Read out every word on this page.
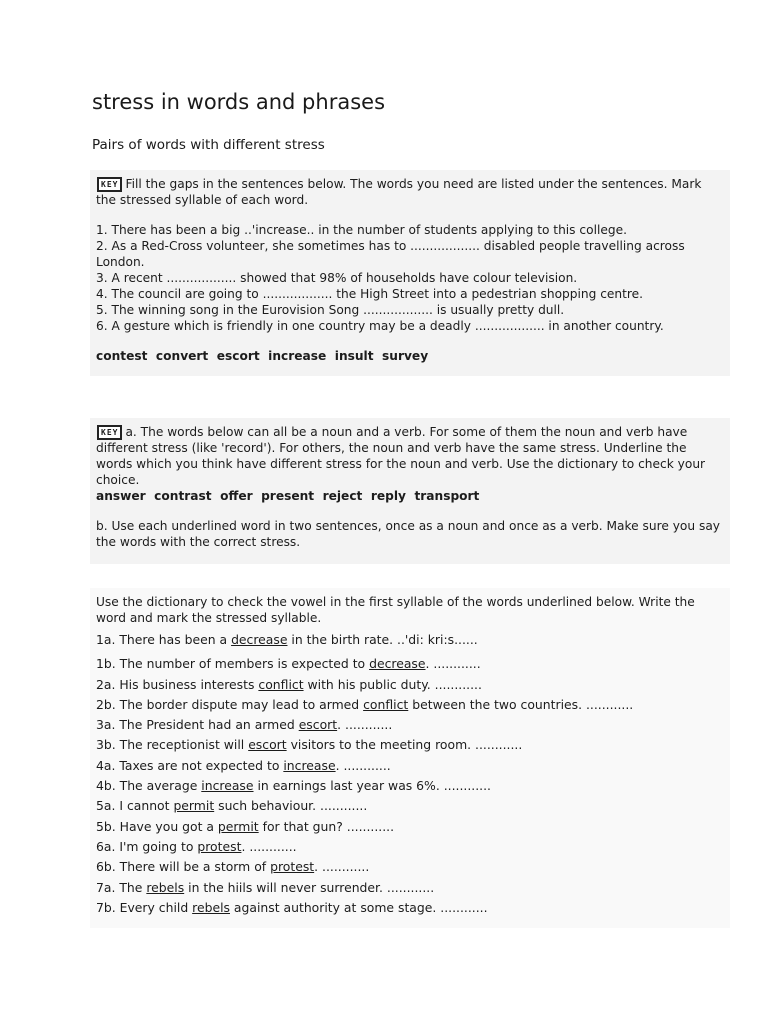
stress in words and phrases

Pairs of words with different stress

KEY Fill the gaps in the sentences below. The words you need are listed under the sentences. Mark the stressed syllable of each word.

1. There has been a big ..'increase.. in the number of students applying to this college.

2. As a Red-Cross volunteer, she sometimes has to .................. disabled people travelling across London.

3. A recent .................. showed that 98% of households have colour television.

4. The council are going to .................. the High Street into a pedestrian shopping centre.

5. The winning song in the Eurovision Song .................. is usually pretty dull.

6. A gesture which is friendly in one country may be a deadly .................. in another country.

contest  convert  escort  increase  insult  survey

KEY a. The words below can all be a noun and a verb. For some of them the noun and verb have different stress (like 'record'). For others, the noun and verb have the same stress. Underline the words which you think have different stress for the noun and verb. Use the dictionary to check your choice.

answer  contrast  offer  present  reject  reply  transport

b. Use each underlined word in two sentences, once as a noun and once as a verb. Make sure you say the words with the correct stress.

Use the dictionary to check the vowel in the first syllable of the words underlined below. Write the word and mark the stressed syllable.

1a. There has been a decrease in the birth rate. ..'di: kri:s......

1b. The number of members is expected to decrease. ............

2a. His business interests conflict with his public duty. ............

2b. The border dispute may lead to armed conflict between the two countries. ............

3a. The President had an armed escort. ............

3b. The receptionist will escort visitors to the meeting room. ............

4a. Taxes are not expected to increase. ............

4b. The average increase in earnings last year was 6%. ............

5a. I cannot permit such behaviour. ............

5b. Have you got a permit for that gun? ............

6a. I'm going to protest. ............

6b. There will be a storm of protest. ............

7a. The rebels in the hiils will never surrender. ............

7b. Every child rebels against authority at some stage. ............
